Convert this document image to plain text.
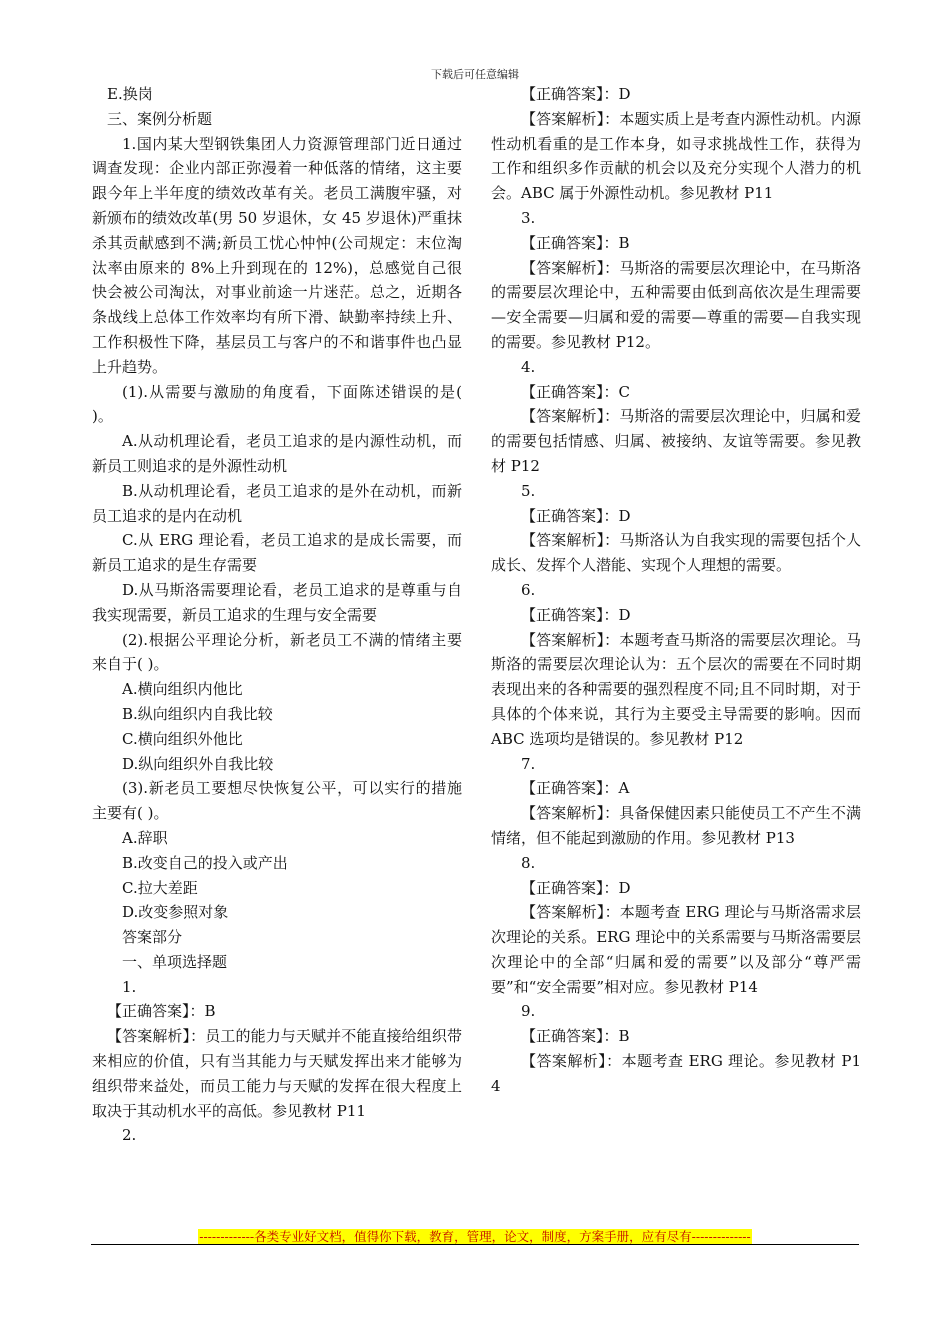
下载后可任意编辑

E.换岗

三、案例分析题

1.国内某大型钢铁集团人力资源管理部门近日通过调查发现：企业内部正弥漫着一种低落的情绪，这主要跟今年上半年度的绩效改革有关。老员工满腹牢骚，对新颁布的绩效改革(男 50 岁退休，女 45 岁退休)严重抹杀其贡献感到不满;新员工忧心忡忡(公司规定：末位淘汰率由原来的 8%上升到现在的 12%)，总感觉自己很快会被公司淘汰，对事业前途一片迷茫。总之，近期各条战线上总体工作效率均有所下滑、缺勤率持续上升、工作积极性下降，基层员工与客户的不和谐事件也凸显上升趋势。

(1).从需要与激励的角度看，下面陈述错误的是( )。

A.从动机理论看，老员工追求的是内源性动机，而新员工则追求的是外源性动机

B.从动机理论看，老员工追求的是外在动机，而新员工追求的是内在动机

C.从 ERG 理论看，老员工追求的是成长需要，而新员工追求的是生存需要

D.从马斯洛需要理论看，老员工追求的是尊重与自我实现需要，新员工追求的生理与安全需要

(2).根据公平理论分析，新老员工不满的情绪主要来自于( )。

A.横向组织内他比

B.纵向组织内自我比较

C.横向组织外他比

D.纵向组织外自我比较

(3).新老员工要想尽快恢复公平，可以实行的措施主要有( )。

A.辞职

B.改变自己的投入或产出

C.拉大差距

D.改变参照对象

答案部分

一、单项选择题

1.

【正确答案】：B

【答案解析】：员工的能力与天赋并不能直接给组织带来相应的价值，只有当其能力与天赋发挥出来才能够为组织带来益处，而员工能力与天赋的发挥在很大程度上取决于其动机水平的高低。参见教材 P11

2.

【正确答案】：D

【答案解析】：本题实质上是考查内源性动机。内源性动机看重的是工作本身，如寻求挑战性工作，获得为工作和组织多作贡献的机会以及充分实现个人潜力的机会。ABC 属于外源性动机。参见教材 P11

3.

【正确答案】：B

【答案解析】：马斯洛的需要层次理论中，在马斯洛的需要层次理论中，五种需要由低到高依次是生理需要—安全需要—归属和爱的需要—尊重的需要—自我实现的需要。参见教材 P12。

4.

【正确答案】：C

【答案解析】：马斯洛的需要层次理论中，归属和爱的需要包括情感、归属、被接纳、友谊等需要。参见教材 P12

5.

【正确答案】：D

【答案解析】：马斯洛认为自我实现的需要包括个人成长、发挥个人潜能、实现个人理想的需要。

6.

【正确答案】：D

【答案解析】：本题考查马斯洛的需要层次理论。马斯洛的需要层次理论认为：五个层次的需要在不同时期表现出来的各种需要的强烈程度不同;且不同时期，对于具体的个体来说，其行为主要受主导需要的影响。因而 ABC 选项均是错误的。参见教材 P12

7.

【正确答案】：A

【答案解析】：具备保健因素只能使员工不产生不满情绪，但不能起到激励的作用。参见教材 P13

8.

【正确答案】：D

【答案解析】：本题考查 ERG 理论与马斯洛需求层次理论的关系。ERG 理论中的关系需要与马斯洛需要层次理论中的全部“归属和爱的需要”以及部分“尊严需要”和“安全需要”相对应。参见教材 P14

9.

【正确答案】：B

【答案解析】：本题考查 ERG 理论。参见教材 P14

-------------各类专业好文档，值得你下载，教育，管理，论文，制度，方案手册，应有尽有--------------
